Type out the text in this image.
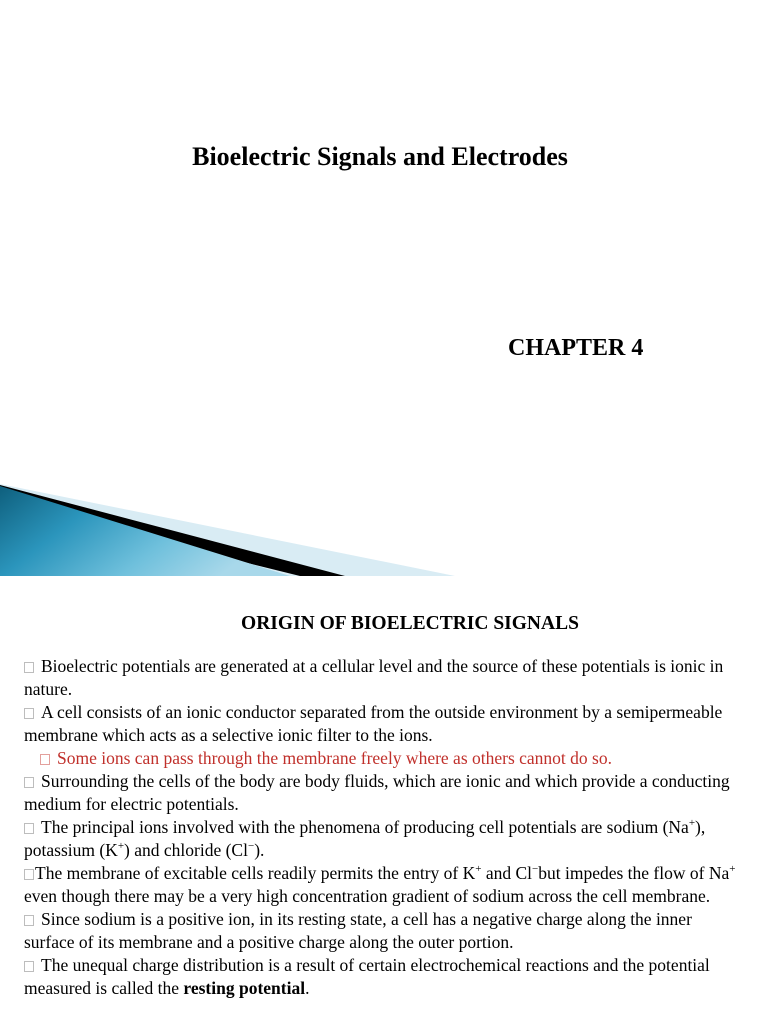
Bioelectric Signals and Electrodes
CHAPTER 4
ORIGIN OF BIOELECTRIC SIGNALS

Bioelectric potentials are generated at a cellular level and the source of these potentials is ionic in nature.

A cell consists of an ionic conductor separated from the outside environment by a semipermeable membrane which acts as a selective ionic filter to the ions.

Some ions can pass through the membrane freely where as others cannot do so.

Surrounding the cells of the body are body fluids, which are ionic and which provide a conducting medium for electric potentials.

The principal ions involved with the phenomena of producing cell potentials are sodium (Na+), potassium (K+) and chloride (Cl−).

The membrane of excitable cells readily permits the entry of K+ and Cl−but impedes the flow of Na+ even though there may be a very high concentration gradient of sodium across the cell membrane.

Since sodium is a positive ion, in its resting state, a cell has a negative charge along the inner surface of its membrane and a positive charge along the outer portion.

The unequal charge distribution is a result of certain electrochemical reactions and the potential measured is called the resting potential.
